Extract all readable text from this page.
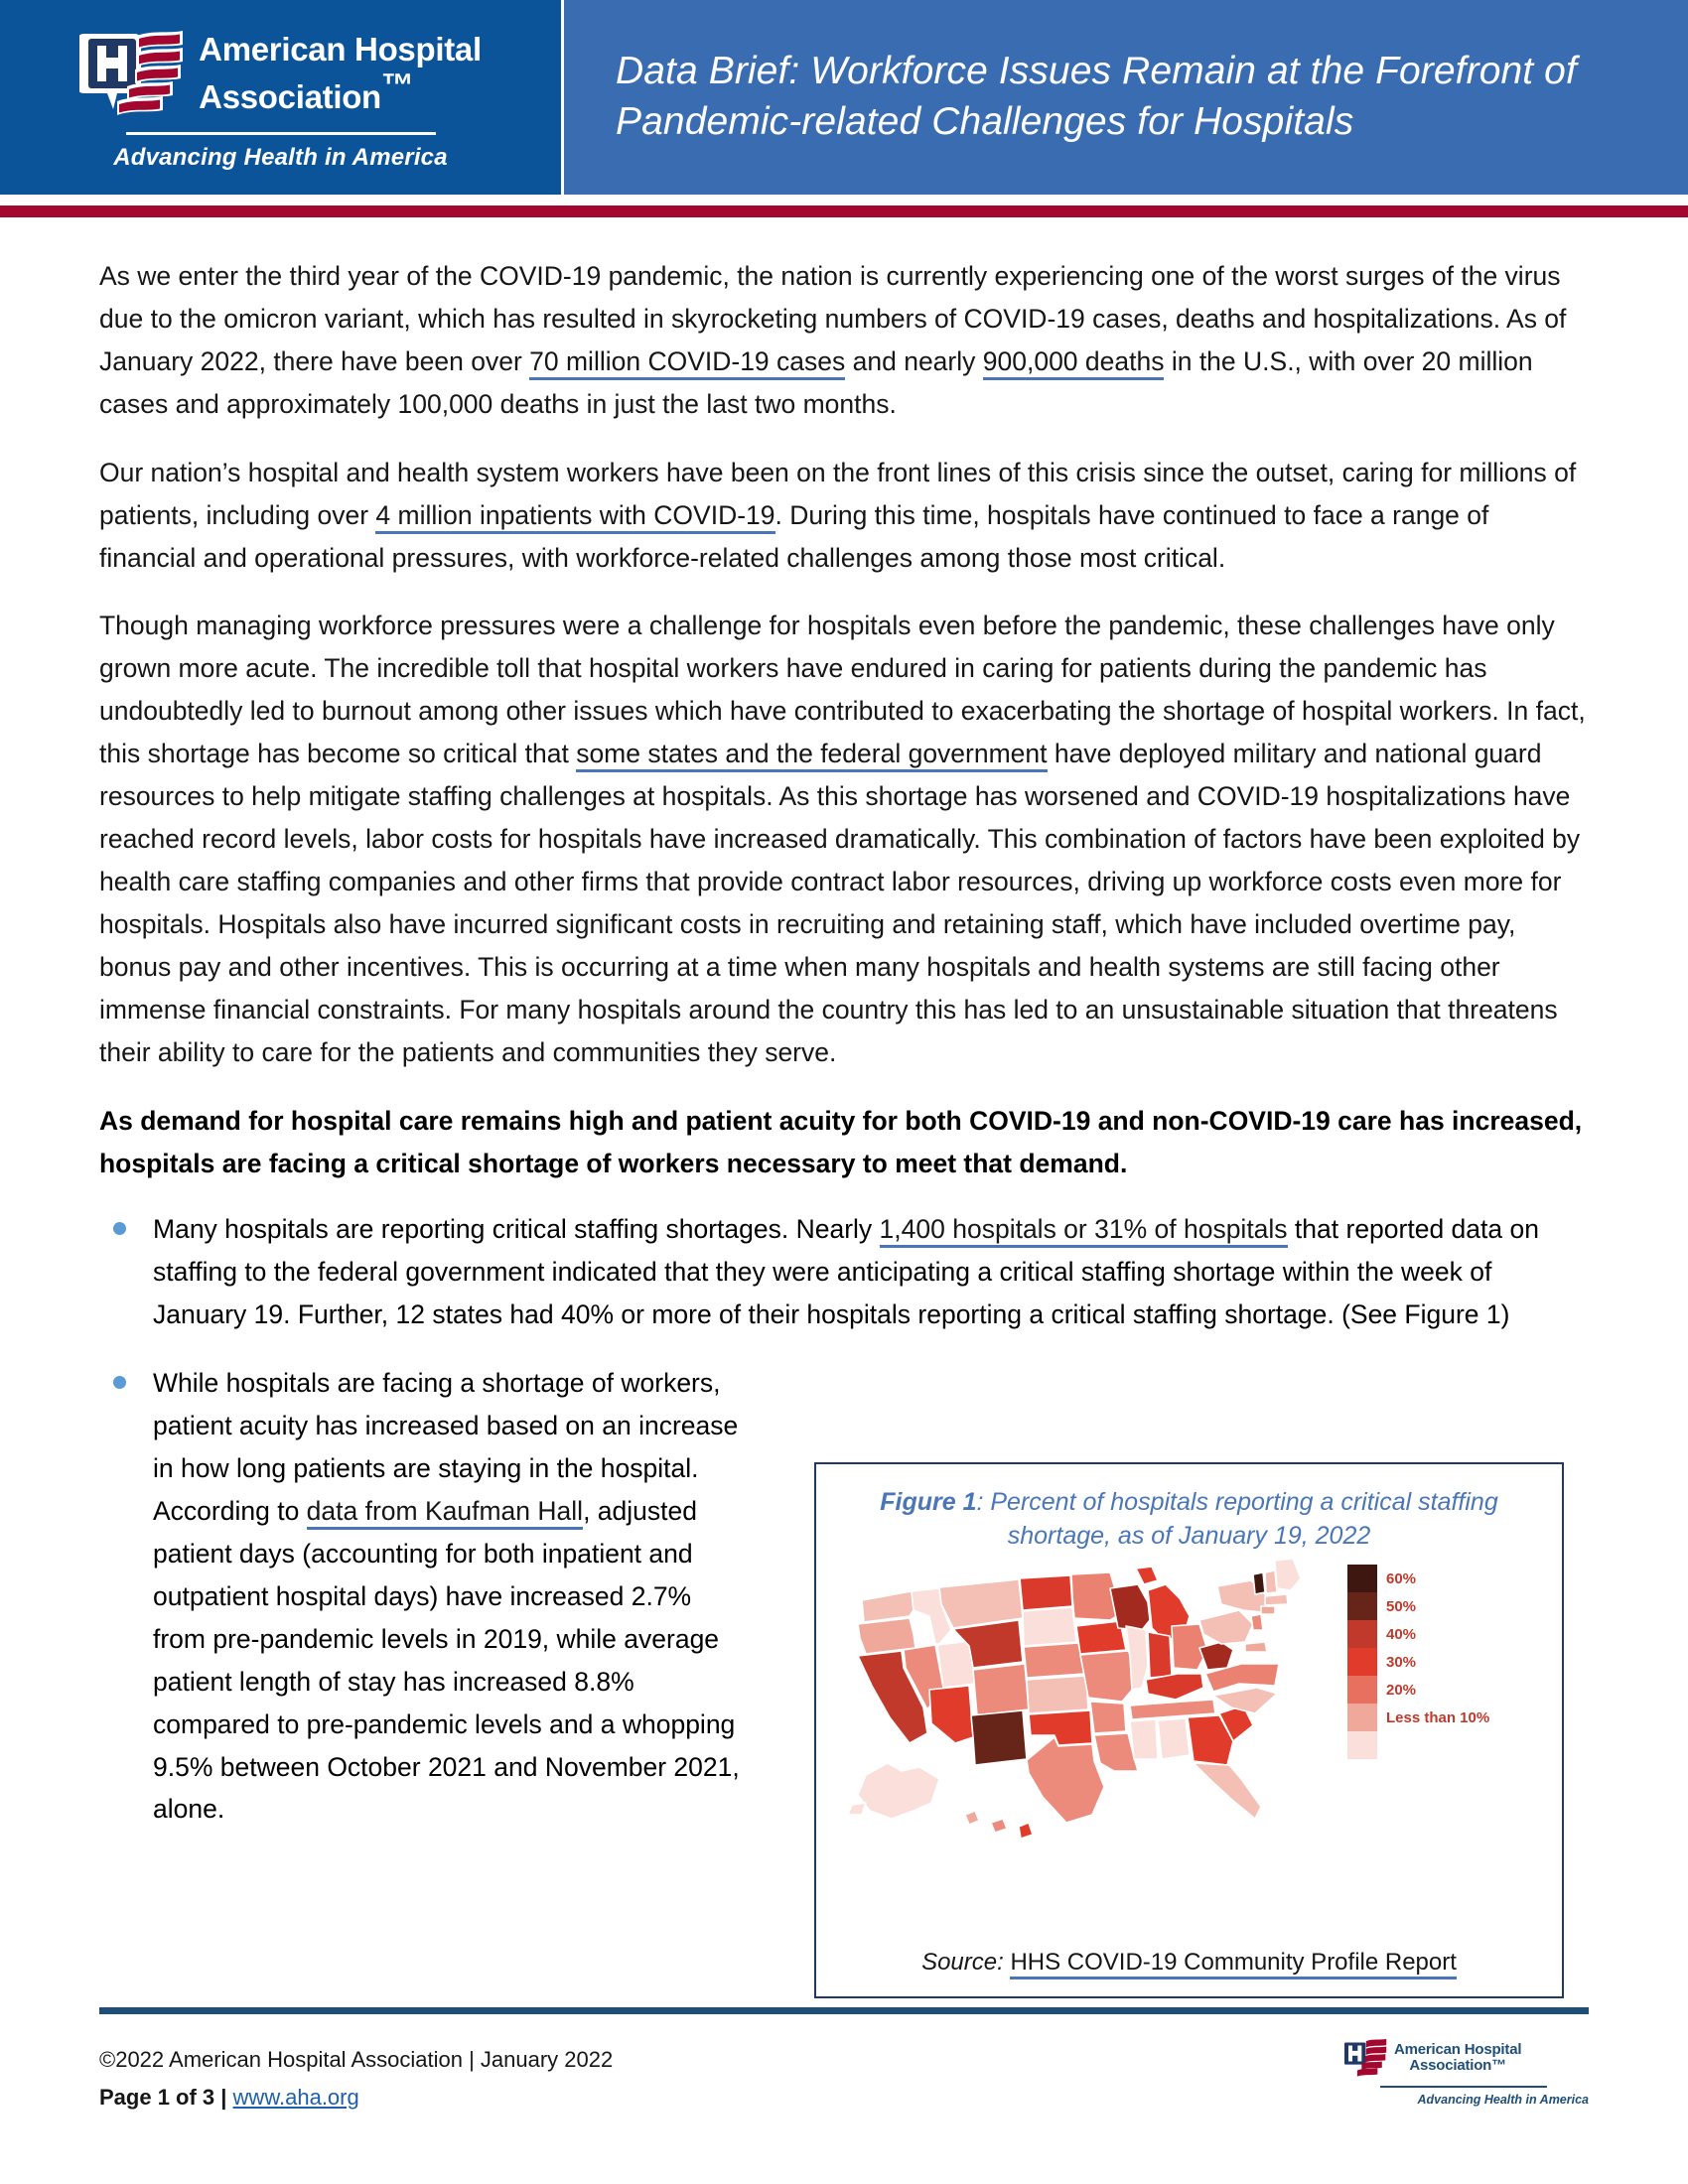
American Hospital
Association™
Advancing Health in America
Data Brief: Workforce Issues Remain at the Forefront of Pandemic-related Challenges for Hospitals

As we enter the third year of the COVID-19 pandemic, the nation is currently experiencing one of the worst surges of the virus due to the omicron variant, which has resulted in skyrocketing numbers of COVID-19 cases, deaths and hospitalizations. As of January 2022, there have been over 70 million COVID-19 cases and nearly 900,000 deaths in the U.S., with over 20 million cases and approximately 100,000 deaths in just the last two months.

Our nation’s hospital and health system workers have been on the front lines of this crisis since the outset, caring for millions of patients, including over 4 million inpatients with COVID-19. During this time, hospitals have continued to face a range of financial and operational pressures, with workforce-related challenges among those most critical.

Though managing workforce pressures were a challenge for hospitals even before the pandemic, these challenges have only grown more acute. The incredible toll that hospital workers have endured in caring for patients during the pandemic has undoubtedly led to burnout among other issues which have contributed to exacerbating the shortage of hospital workers. In fact, this shortage has become so critical that some states and the federal government have deployed military and national guard resources to help mitigate staffing challenges at hospitals. As this shortage has worsened and COVID-19 hospitalizations have reached record levels, labor costs for hospitals have increased dramatically. This combination of factors have been exploited by health care staffing companies and other firms that provide contract labor resources, driving up workforce costs even more for hospitals. Hospitals also have incurred significant costs in recruiting and retaining staff, which have included overtime pay, bonus pay and other incentives. This is occurring at a time when many hospitals and health systems are still facing other immense financial constraints. For many hospitals around the country this has led to an unsustainable situation that threatens their ability to care for the patients and communities they serve.

As demand for hospital care remains high and patient acuity for both COVID-19 and non-COVID-19 care has increased, hospitals are facing a critical shortage of workers necessary to meet that demand.

Many hospitals are reporting critical staffing shortages. Nearly 1,400 hospitals or 31% of hospitals that reported data on staffing to the federal government indicated that they were anticipating a critical staffing shortage within the week of January 19. Further, 12 states had 40% or more of their hospitals reporting a critical staffing shortage. (See Figure 1)
While hospitals are facing a shortage of workers, patient acuity has increased based on an increase in how long patients are staying in the hospital. According to data from Kaufman Hall, adjusted patient days (accounting for both inpatient and outpatient hospital days) have increased 2.7% from pre-pandemic levels in 2019, while average patient length of stay has increased 8.8% compared to pre-pandemic levels and a whopping 9.5% between October 2021 and November 2021, alone.
Figure 1: Percent of hospitals reporting a critical staffing shortage, as of January 19, 2022
60%
50%
40%
30%
20%
Less than 10%
Source: HHS COVID-19 Community Profile Report
©2022 American Hospital Association | January 2022
Page 1 of 3 | www.aha.org
American Hospital
Association™
Advancing Health in America
